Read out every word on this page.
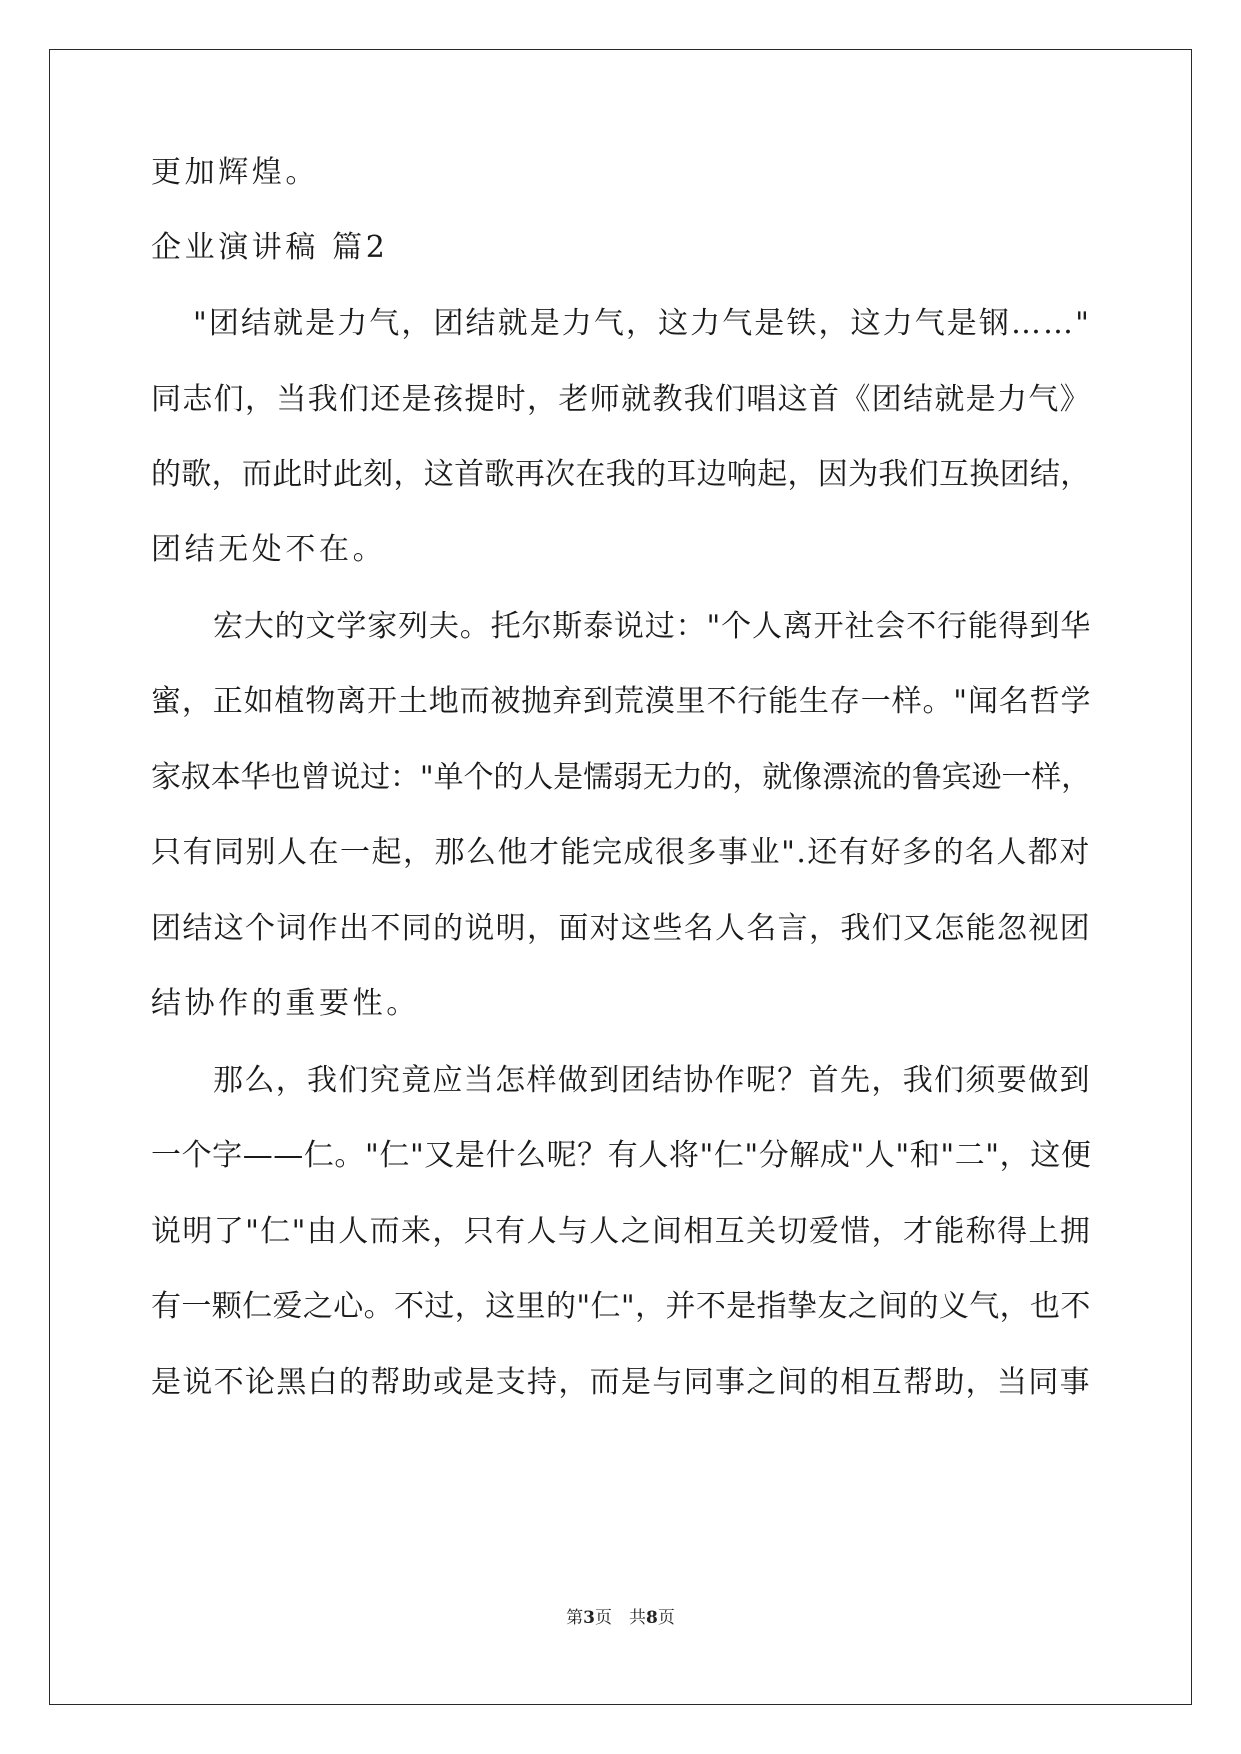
更加辉煌。
企业演讲稿 篇2
"团结就是力气，团结就是力气，这力气是铁，这力气是钢……"
同志们，当我们还是孩提时，老师就教我们唱这首《团结就是力气》
的歌，而此时此刻，这首歌再次在我的耳边响起，因为我们互换团结，
团结无处不在。
宏大的文学家列夫。托尔斯泰说过："个人离开社会不行能得到华
蜜，正如植物离开土地而被抛弃到荒漠里不行能生存一样。"闻名哲学
家叔本华也曾说过："单个的人是懦弱无力的，就像漂流的鲁宾逊一样，
只有同别人在一起，那么他才能完成很多事业".还有好多的名人都对
团结这个词作出不同的说明，面对这些名人名言，我们又怎能忽视团
结协作的重要性。
那么，我们究竟应当怎样做到团结协作呢？首先，我们须要做到
一个字——仁。"仁"又是什么呢？有人将"仁"分解成"人"和"二"，这便
说明了"仁"由人而来，只有人与人之间相互关切爱惜，才能称得上拥
有一颗仁爱之心。不过，这里的"仁"，并不是指挚友之间的义气，也不
是说不论黑白的帮助或是支持，而是与同事之间的相互帮助，当同事
第3页　共8页
